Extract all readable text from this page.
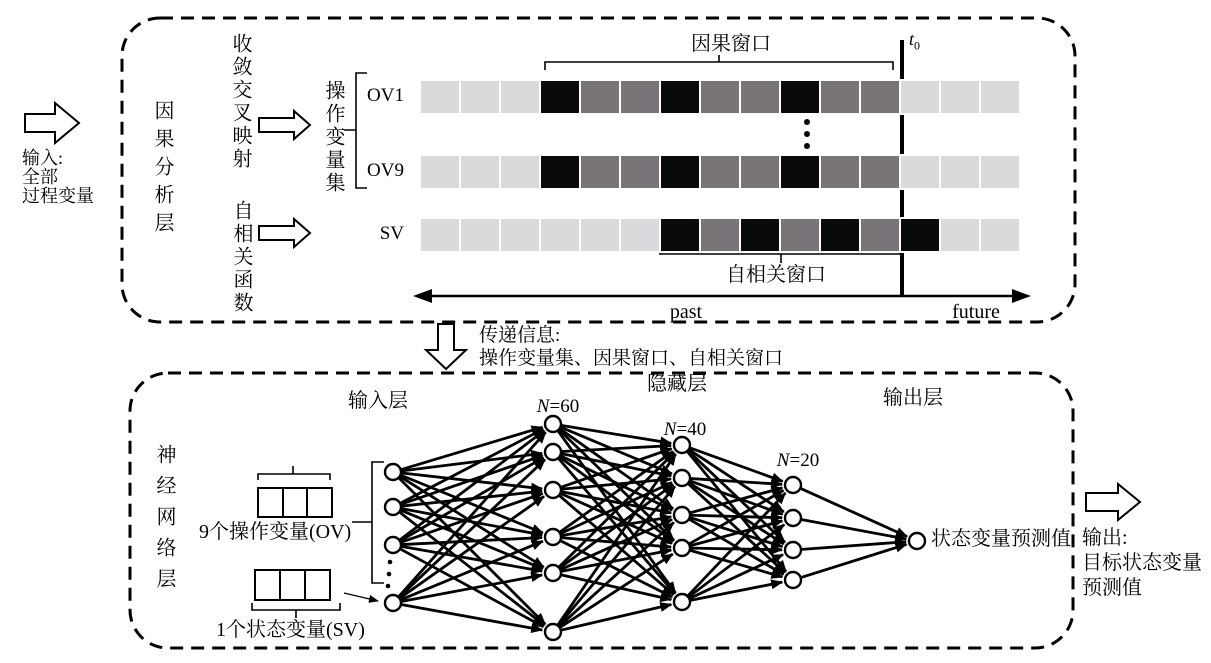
输入:
全部
过程变量	因果分析层	收敛交叉映射	操作变量集
自相关函数
因果窗口
自相关窗口
$t_0$
past	future
传递信息:
操作变量集、因果窗口、自相关窗口
神经网络层
输入层
隐藏层
输出层
N=60
N=40
N=20
9个操作变量(OV)
1个状态变量(SV)
状态变量预测值 输出:
目标状态变量
预测值
OV1
OV9
SV
